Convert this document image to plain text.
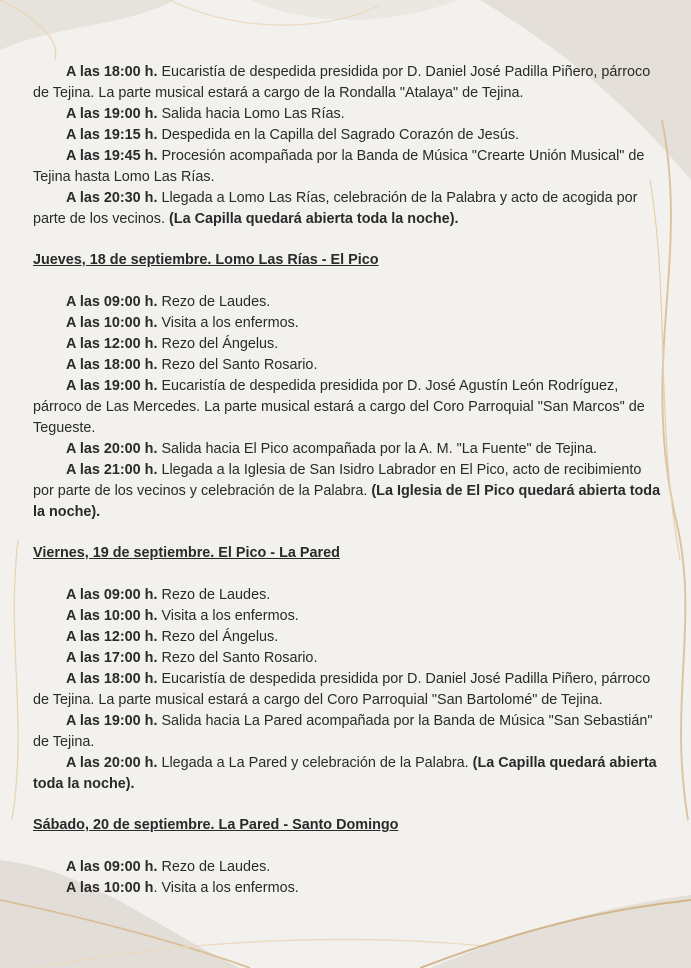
A las 18:00 h. Eucaristía de despedida presidida por D. Daniel José Padilla Piñero, párroco de Tejina. La parte musical estará a cargo de la Rondalla "Atalaya" de Tejina.

A las 19:00 h. Salida hacia Lomo Las Rías.

A las 19:15 h. Despedida en la Capilla del Sagrado Corazón de Jesús.

A las 19:45 h. Procesión acompañada por la Banda de Música "Crearte Unión Musical" de Tejina hasta Lomo Las Rías.

A las 20:30 h. Llegada a Lomo Las Rías, celebración de la Palabra y acto de acogida por parte de los vecinos. (La Capilla quedará abierta toda la noche).

Jueves, 18 de septiembre. Lomo Las Rías - El Pico

A las 09:00 h. Rezo de Laudes.

A las 10:00 h. Visita a los enfermos.

A las 12:00 h. Rezo del Ángelus.

A las 18:00 h. Rezo del Santo Rosario.

A las 19:00 h. Eucaristía de despedida presidida por D. José Agustín León Rodríguez, párroco de Las Mercedes. La parte musical estará a cargo del Coro Parroquial "San Marcos" de Tegueste.

A las 20:00 h. Salida hacia El Pico acompañada por la A. M. "La Fuente" de Tejina.

A las 21:00 h. Llegada a la Iglesia de San Isidro Labrador en El Pico, acto de recibimiento por parte de los vecinos y celebración de la Palabra. (La Iglesia de El Pico quedará abierta toda la noche).

Viernes, 19 de septiembre. El Pico - La Pared

A las 09:00 h. Rezo de Laudes.

A las 10:00 h. Visita a los enfermos.

A las 12:00 h. Rezo del Ángelus.

A las 17:00 h. Rezo del Santo Rosario.

A las 18:00 h. Eucaristía de despedida presidida por D. Daniel José Padilla Piñero, párroco de Tejina. La parte musical estará a cargo del Coro Parroquial "San Bartolomé" de Tejina.

A las 19:00 h. Salida hacia La Pared acompañada por la Banda de Música "San Sebastián" de Tejina.

A las 20:00 h. Llegada a La Pared y celebración de la Palabra. (La Capilla quedará abierta toda la noche).

Sábado, 20 de septiembre. La Pared - Santo Domingo

A las 09:00 h. Rezo de Laudes.

A las 10:00 h. Visita a los enfermos.
